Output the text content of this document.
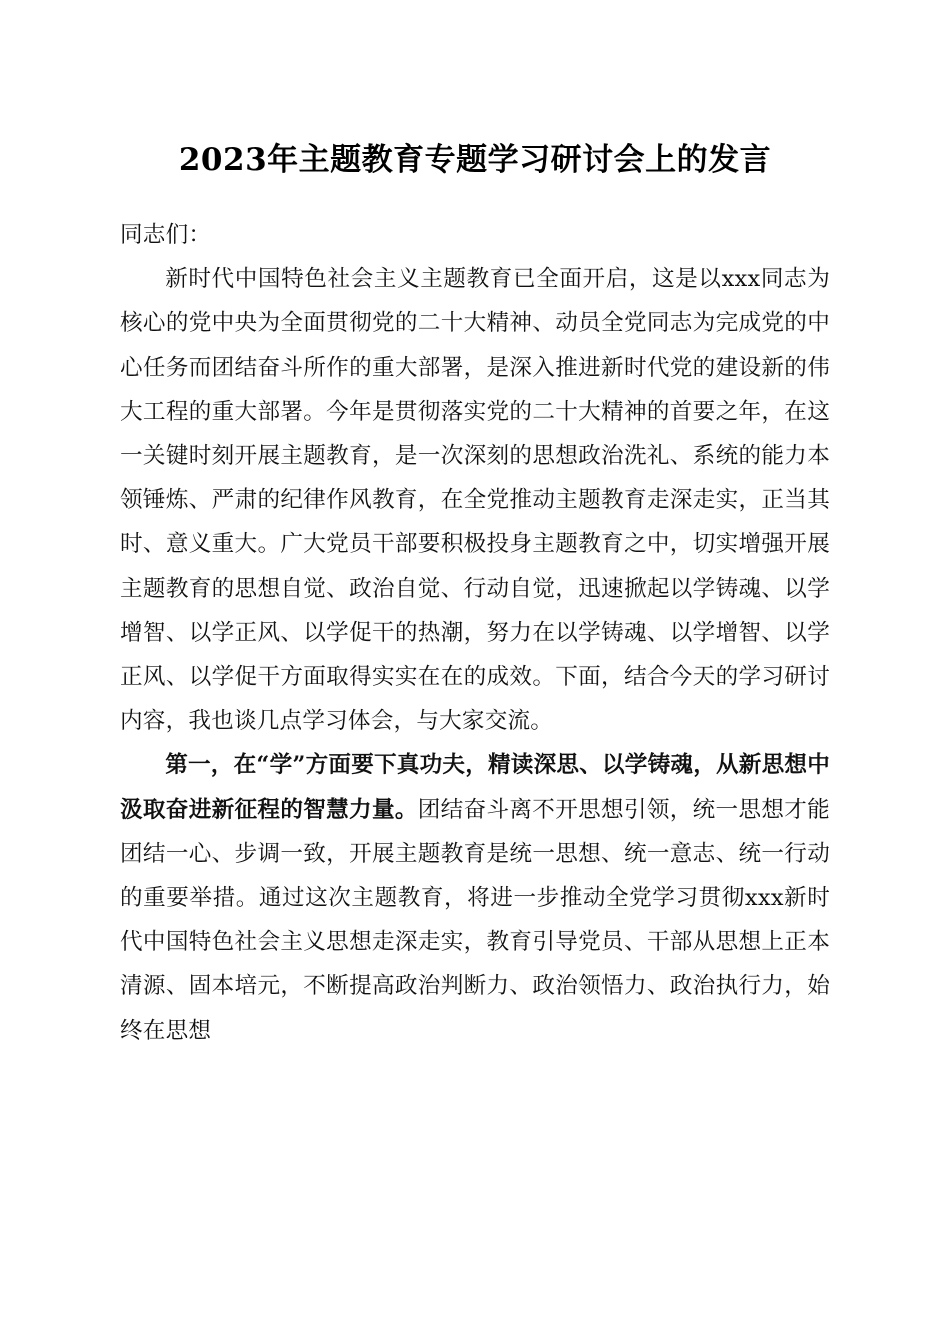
2023年主题教育专题学习研讨会上的发言

同志们：

新时代中国特色社会主义主题教育已全面开启，这是以xxx同志为核心的党中央为全面贯彻党的二十大精神、动员全党同志为完成党的中心任务而团结奋斗所作的重大部署，是深入推进新时代党的建设新的伟大工程的重大部署。今年是贯彻落实党的二十大精神的首要之年，在这一关键时刻开展主题教育，是一次深刻的思想政治洗礼、系统的能力本领锤炼、严肃的纪律作风教育，在全党推动主题教育走深走实，正当其时、意义重大。广大党员干部要积极投身主题教育之中，切实增强开展主题教育的思想自觉、政治自觉、行动自觉，迅速掀起以学铸魂、以学增智、以学正风、以学促干的热潮，努力在以学铸魂、以学增智、以学正风、以学促干方面取得实实在在的成效。下面，结合今天的学习研讨内容，我也谈几点学习体会，与大家交流。

第一，在“学”方面要下真功夫，精读深思、以学铸魂，从新思想中汲取奋进新征程的智慧力量。团结奋斗离不开思想引领，统一思想才能团结一心、步调一致，开展主题教育是统一思想、统一意志、统一行动的重要举措。通过这次主题教育，将进一步推动全党学习贯彻xxx新时代中国特色社会主义思想走深走实，教育引导党员、干部从思想上正本清源、固本培元，不断提高政治判断力、政治领悟力、政治执行力，始终在思想
